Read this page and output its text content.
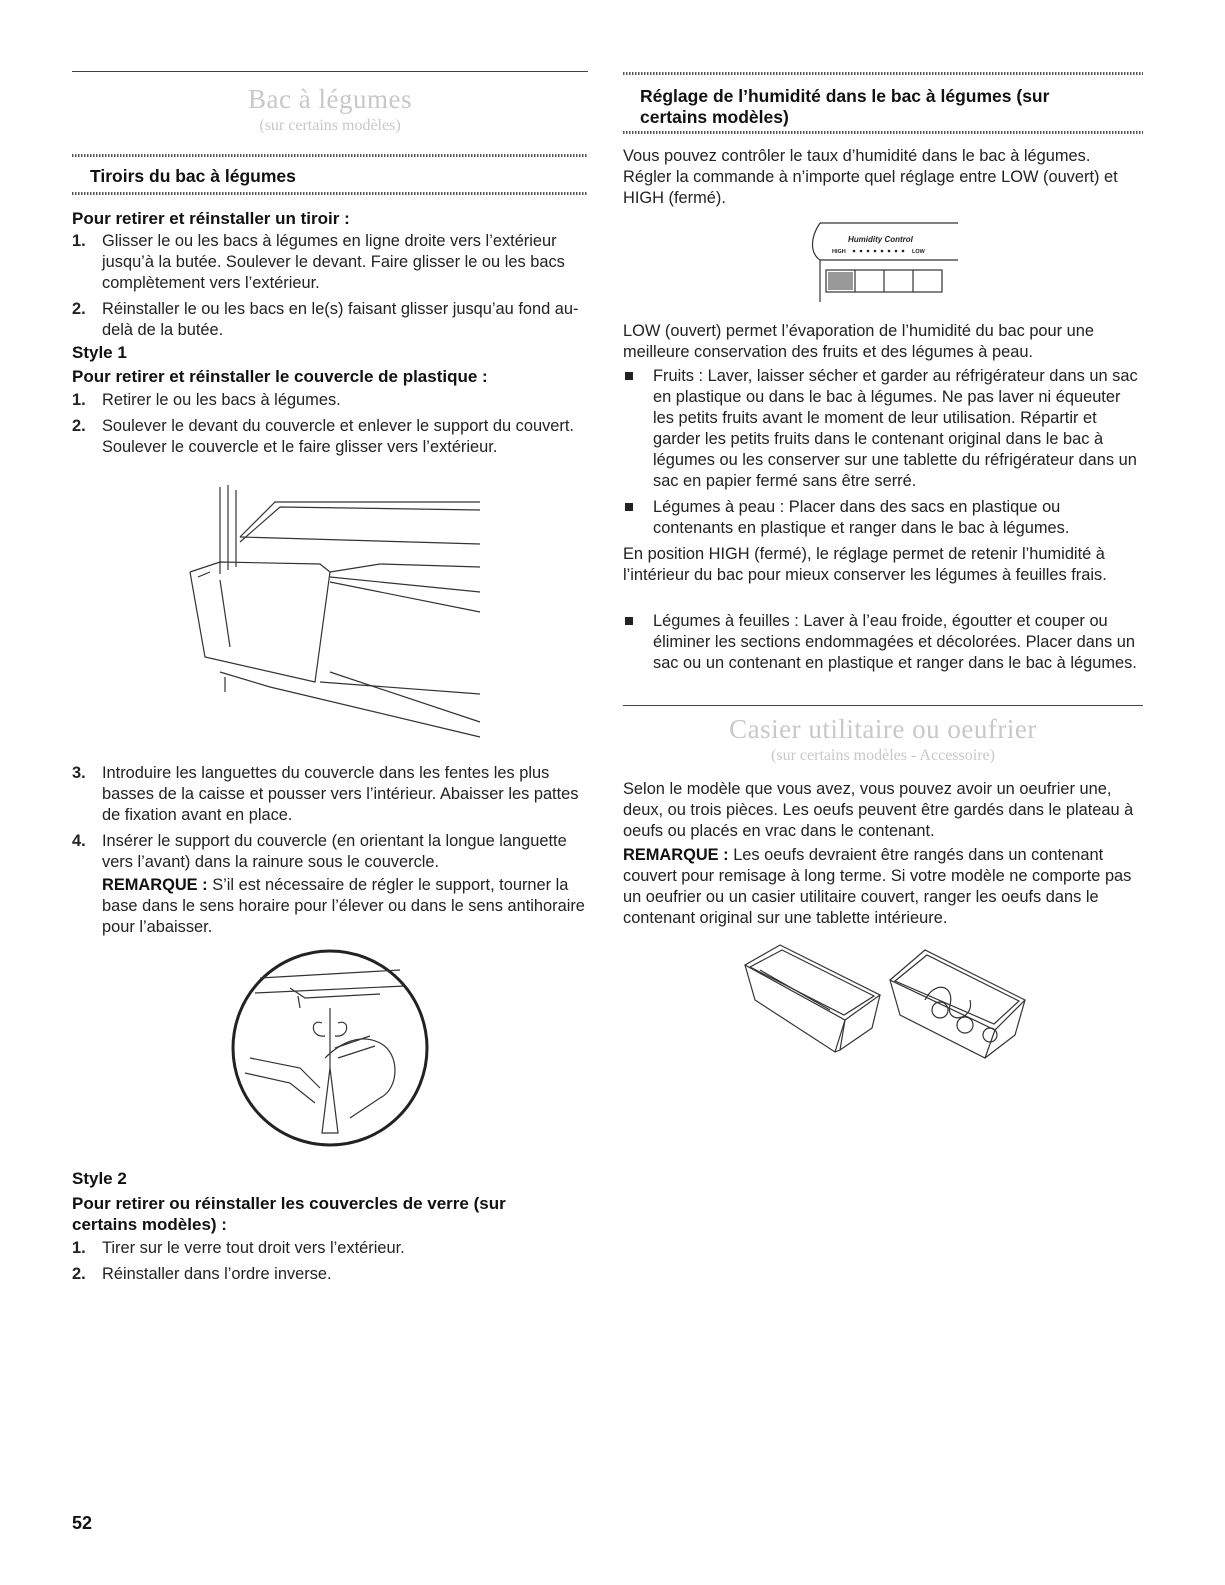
Bac à légumes
(sur certains modèles)
Tiroirs du bac à légumes
Pour retirer et réinstaller un tiroir :
1. Glisser le ou les bacs à légumes en ligne droite vers l’extérieur jusqu’à la butée. Soulever le devant. Faire glisser le ou les bacs complètement vers l’extérieur.
2. Réinstaller le ou les bacs en le(s) faisant glisser jusqu’au fond au-delà de la butée.
Style 1
Pour retirer et réinstaller le couvercle de plastique :
1. Retirer le ou les bacs à légumes.
2. Soulever le devant du couvercle et enlever le support du couvert. Soulever le couvercle et le faire glisser vers l’extérieur.
3. Introduire les languettes du couvercle dans les fentes les plus basses de la caisse et pousser vers l’intérieur. Abaisser les pattes de fixation avant en place.
4. Insérer le support du couvercle (en orientant la longue languette vers l’avant) dans la rainure sous le couvercle.
REMARQUE : S’il est nécessaire de régler le support, tourner la base dans le sens horaire pour l’élever ou dans le sens antihoraire pour l’abaisser.
Style 2
Pour retirer ou réinstaller les couvercles de verre (sur certains modèles) :
1. Tirer sur le verre tout droit vers l’extérieur.
2. Réinstaller dans l’ordre inverse.
52
Réglage de l’humidité dans le bac à légumes (sur certains modèles)
Vous pouvez contrôler le taux d’humidité dans le bac à légumes. Régler la commande à n’importe quel réglage entre LOW (ouvert) et HIGH (fermé).
Humidity Control
HIGH	LOW
LOW (ouvert) permet l’évaporation de l’humidité du bac pour une meilleure conservation des fruits et des légumes à peau.
Fruits : Laver, laisser sécher et garder au réfrigérateur dans un sac en plastique ou dans le bac à légumes. Ne pas laver ni équeuter les petits fruits avant le moment de leur utilisation. Répartir et garder les petits fruits dans le contenant original dans le bac à légumes ou les conserver sur une tablette du réfrigérateur dans un sac en papier fermé sans être serré.
Légumes à peau : Placer dans des sacs en plastique ou contenants en plastique et ranger dans le bac à légumes.
En position HIGH (fermé), le réglage permet de retenir l’humidité à l’intérieur du bac pour mieux conserver les légumes à feuilles frais.
Légumes à feuilles : Laver à l’eau froide, égoutter et couper ou éliminer les sections endommagées et décolorées. Placer dans un sac ou un contenant en plastique et ranger dans le bac à légumes.
Casier utilitaire ou oeufrier
(sur certains modèles - Accessoire)
Selon le modèle que vous avez, vous pouvez avoir un oeufrier une, deux, ou trois pièces. Les oeufs peuvent être gardés dans le plateau à oeufs ou placés en vrac dans le contenant.
REMARQUE : Les oeufs devraient être rangés dans un contenant couvert pour remisage à long terme. Si votre modèle ne comporte pas un oeufrier ou un casier utilitaire couvert, ranger les oeufs dans le contenant original sur une tablette intérieure.
